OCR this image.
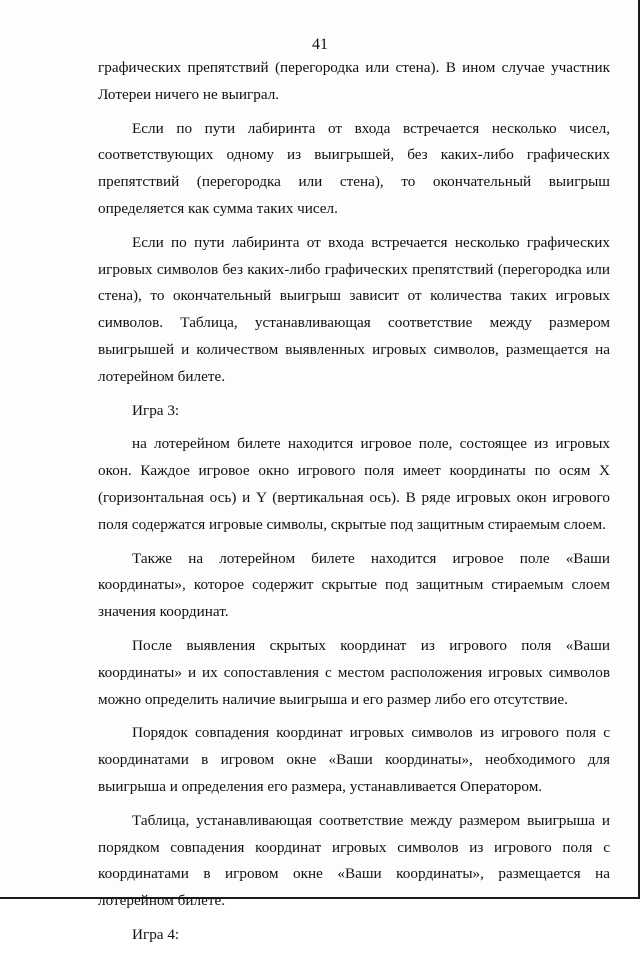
41

графических препятствий (перегородка или стена). В ином случае участник Лотереи ничего не выиграл.

Если по пути лабиринта от входа встречается несколько чисел, соответствующих одному из выигрышей, без каких-либо графических препятствий (перегородка или стена), то окончательный выигрыш определяется как сумма таких чисел.

Если по пути лабиринта от входа встречается несколько графических игровых символов без каких-либо графических препятствий (перегородка или стена), то окончательный выигрыш зависит от количества таких игровых символов. Таблица, устанавливающая соответствие между размером выигрышей и количеством выявленных игровых символов, размещается на лотерейном билете.

Игра 3:

на лотерейном билете находится игровое поле, состоящее из игровых окон. Каждое игровое окно игрового поля имеет координаты по осям X (горизонтальная ось) и Y (вертикальная ось). В ряде игровых окон игрового поля содержатся игровые символы, скрытые под защитным стираемым слоем.

Также на лотерейном билете находится игровое поле «Ваши координаты», которое содержит скрытые под защитным стираемым слоем значения координат.

После выявления скрытых координат из игрового поля «Ваши координаты» и их сопоставления с местом расположения игровых символов можно определить наличие выигрыша и его размер либо его отсутствие.

Порядок совпадения координат игровых символов из игрового поля с координатами в игровом окне «Ваши координаты», необходимого для выигрыша и определения его размера, устанавливается Оператором.

Таблица, устанавливающая соответствие между размером выигрыша и порядком совпадения координат игровых символов из игрового поля с координатами в игровом окне «Ваши координаты», размещается на лотерейном билете.

Игра 4:
